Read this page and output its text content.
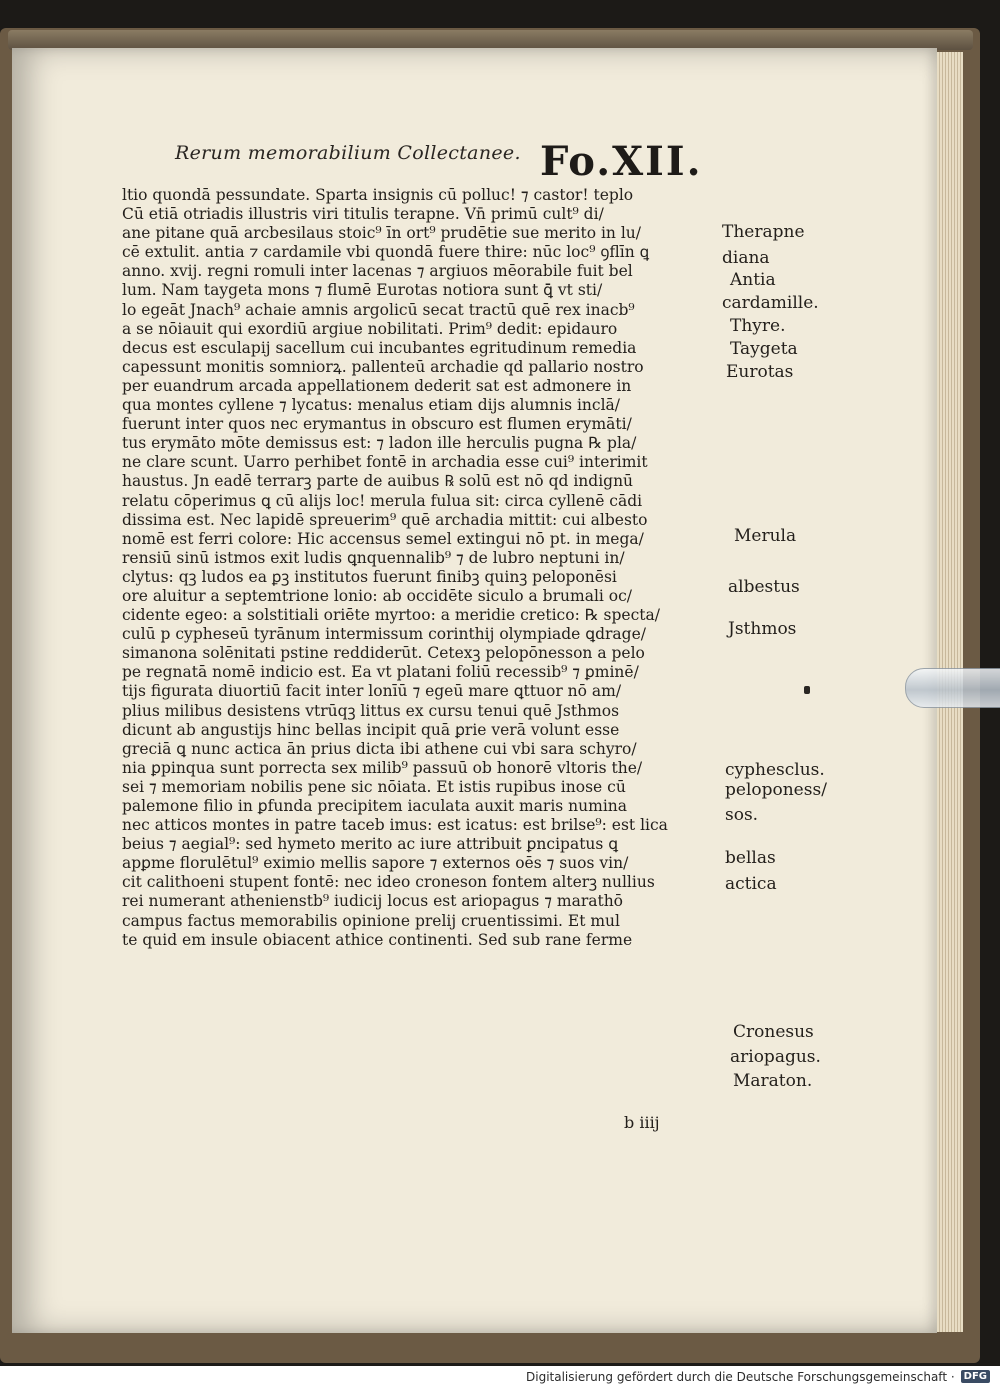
Rerum memorabilium Collectanee. Fo.XII.
ltio quondā pessundate. Sparta insignis cū polluc! ⁊ castor! teplo
Cū etiā otriadis illustris viri titulis terapne. Vn̄ primū cult⁹ di/
ane pitane quā arcbesilaus stoic⁹ īn ort⁹ prudētie sue merito in lu/
cē extulit. antia ⁊ cardamile vbi quondā fuere thire: nūc loc⁹ ꝯflīn ꝗ
anno. xvij. regni romuli inter lacenas ⁊ argiuos mēorabile fuit bel
lum. Nam taygeta mons ⁊ flumē Eurotas notiora sunt ꝗ̄ vt sti/
lo egeāt Jnach⁹ achaie amnis argolicū secat tractū quē rex inacb⁹
a se nōiauit qui exordiū argiue nobilitati. Prim⁹ dedit: epidauro
decus est esculapij sacellum cui incubantes egritudinum remedia
capessunt monitis somniorꝝ. pallenteū archadie qd̄ pallario nostro
per euandrum arcada appellationem dederit sat est admonere in
qua montes cyllene ⁊ lycatus: menalus etiam dijs alumnis inclā/
fuerunt inter quos nec erymantus in obscuro est flumen erymāti/
tus erymāto mōte demissus est: ⁊ ladon ille herculis pugna ℞ pla/
ne clare scunt. Uarro perhibet fontē in archadia esse cui⁹ interimit
haustus. Jn eadē terrarꝫ parte de auibus ℞ solū est nō qd̄ indignū
relatu cōperimus ꝗ cū alijs loc! merula fulua sit: circa cyllenē cādi
dissima est. Nec lapidē spreuerim⁹ quē archadia mittit: cui albesto
nomē est ferri colore: Hic accensus semel extingui nō pt̄. in mega/
rensiū sinū istmos exit ludis ꝗnquennalib⁹ ⁊ de lubro neptuni in/
clytus: qꝫ ludos ea ꝑꝫ institutos fuerunt finibꝫ quinꝫ peloponēsi
ore aluitur a septemtrione lonio: ab occidēte siculo a brumali oc/
cidente egeo: a solstitiali oriēte myrtoo: a meridie cretico: ℞ specta/
culū p cypheseū tyrānum intermissum corinthij olympiade ꝗdrage/
simanona solēnitati pstine reddiderūt. Cetexꝫ pelopōnesson a pelo
pe regnatā nomē indicio est. Ea vt platani foliū recessib⁹ ⁊ ꝑminē/
tijs figurata diuortiū facit inter lonīū ⁊ egeū mare ꝗttuor nō am/
plius milibus desistens vtrūqꝫ littus ex cursu tenui quē Jsthmos
dicunt ab angustijs hinc bellas incipit quā ꝑrie verā volunt esse
greciā ꝗ nunc actica ān prius dicta ibi athene cui vbi sara schyro/
nia ꝑpinqua sunt porrecta sex milib⁹ passuū ob honorē vltoris the/
sei ⁊ memoriam nobilis pene sic nōiata. Et istis rupibus inose cū
palemone filio in ꝑfunda precipitem iaculata auxit maris numina
nec atticos montes in patre taceb imus: est icatus: est brilse⁹: est lica
beius ⁊ aegial⁹: sed hymeto merito ac iure attribuit̄ ꝑncipatus ꝗ
apꝑme florulētul⁹ eximio mellis sapore ⁊ externos oēs ⁊ suos vin/
cit calithoeni stupent fontē: nec ideo croneson fontem alterꝫ nullius
rei numerant athenienstb⁹ iudicij locus est ariopagus ⁊ marathō
campus factus memorabilis opinione prelij cruentissimi. Et mul
te quid em insule obiacent athice continenti. Sed sub rane ferme
Therapne
diana
Antia
cardamille.
Thyre.
Taygeta
Eurotas
Merula
albestus
Jsthmos
cyphesclus.
peloponess/
sos.
bellas
actica
Cronesus
ariopagus.
Maraton.
b iiij
Digitalisierung gefördert durch die Deutsche Forschungsgemeinschaft · DFG
